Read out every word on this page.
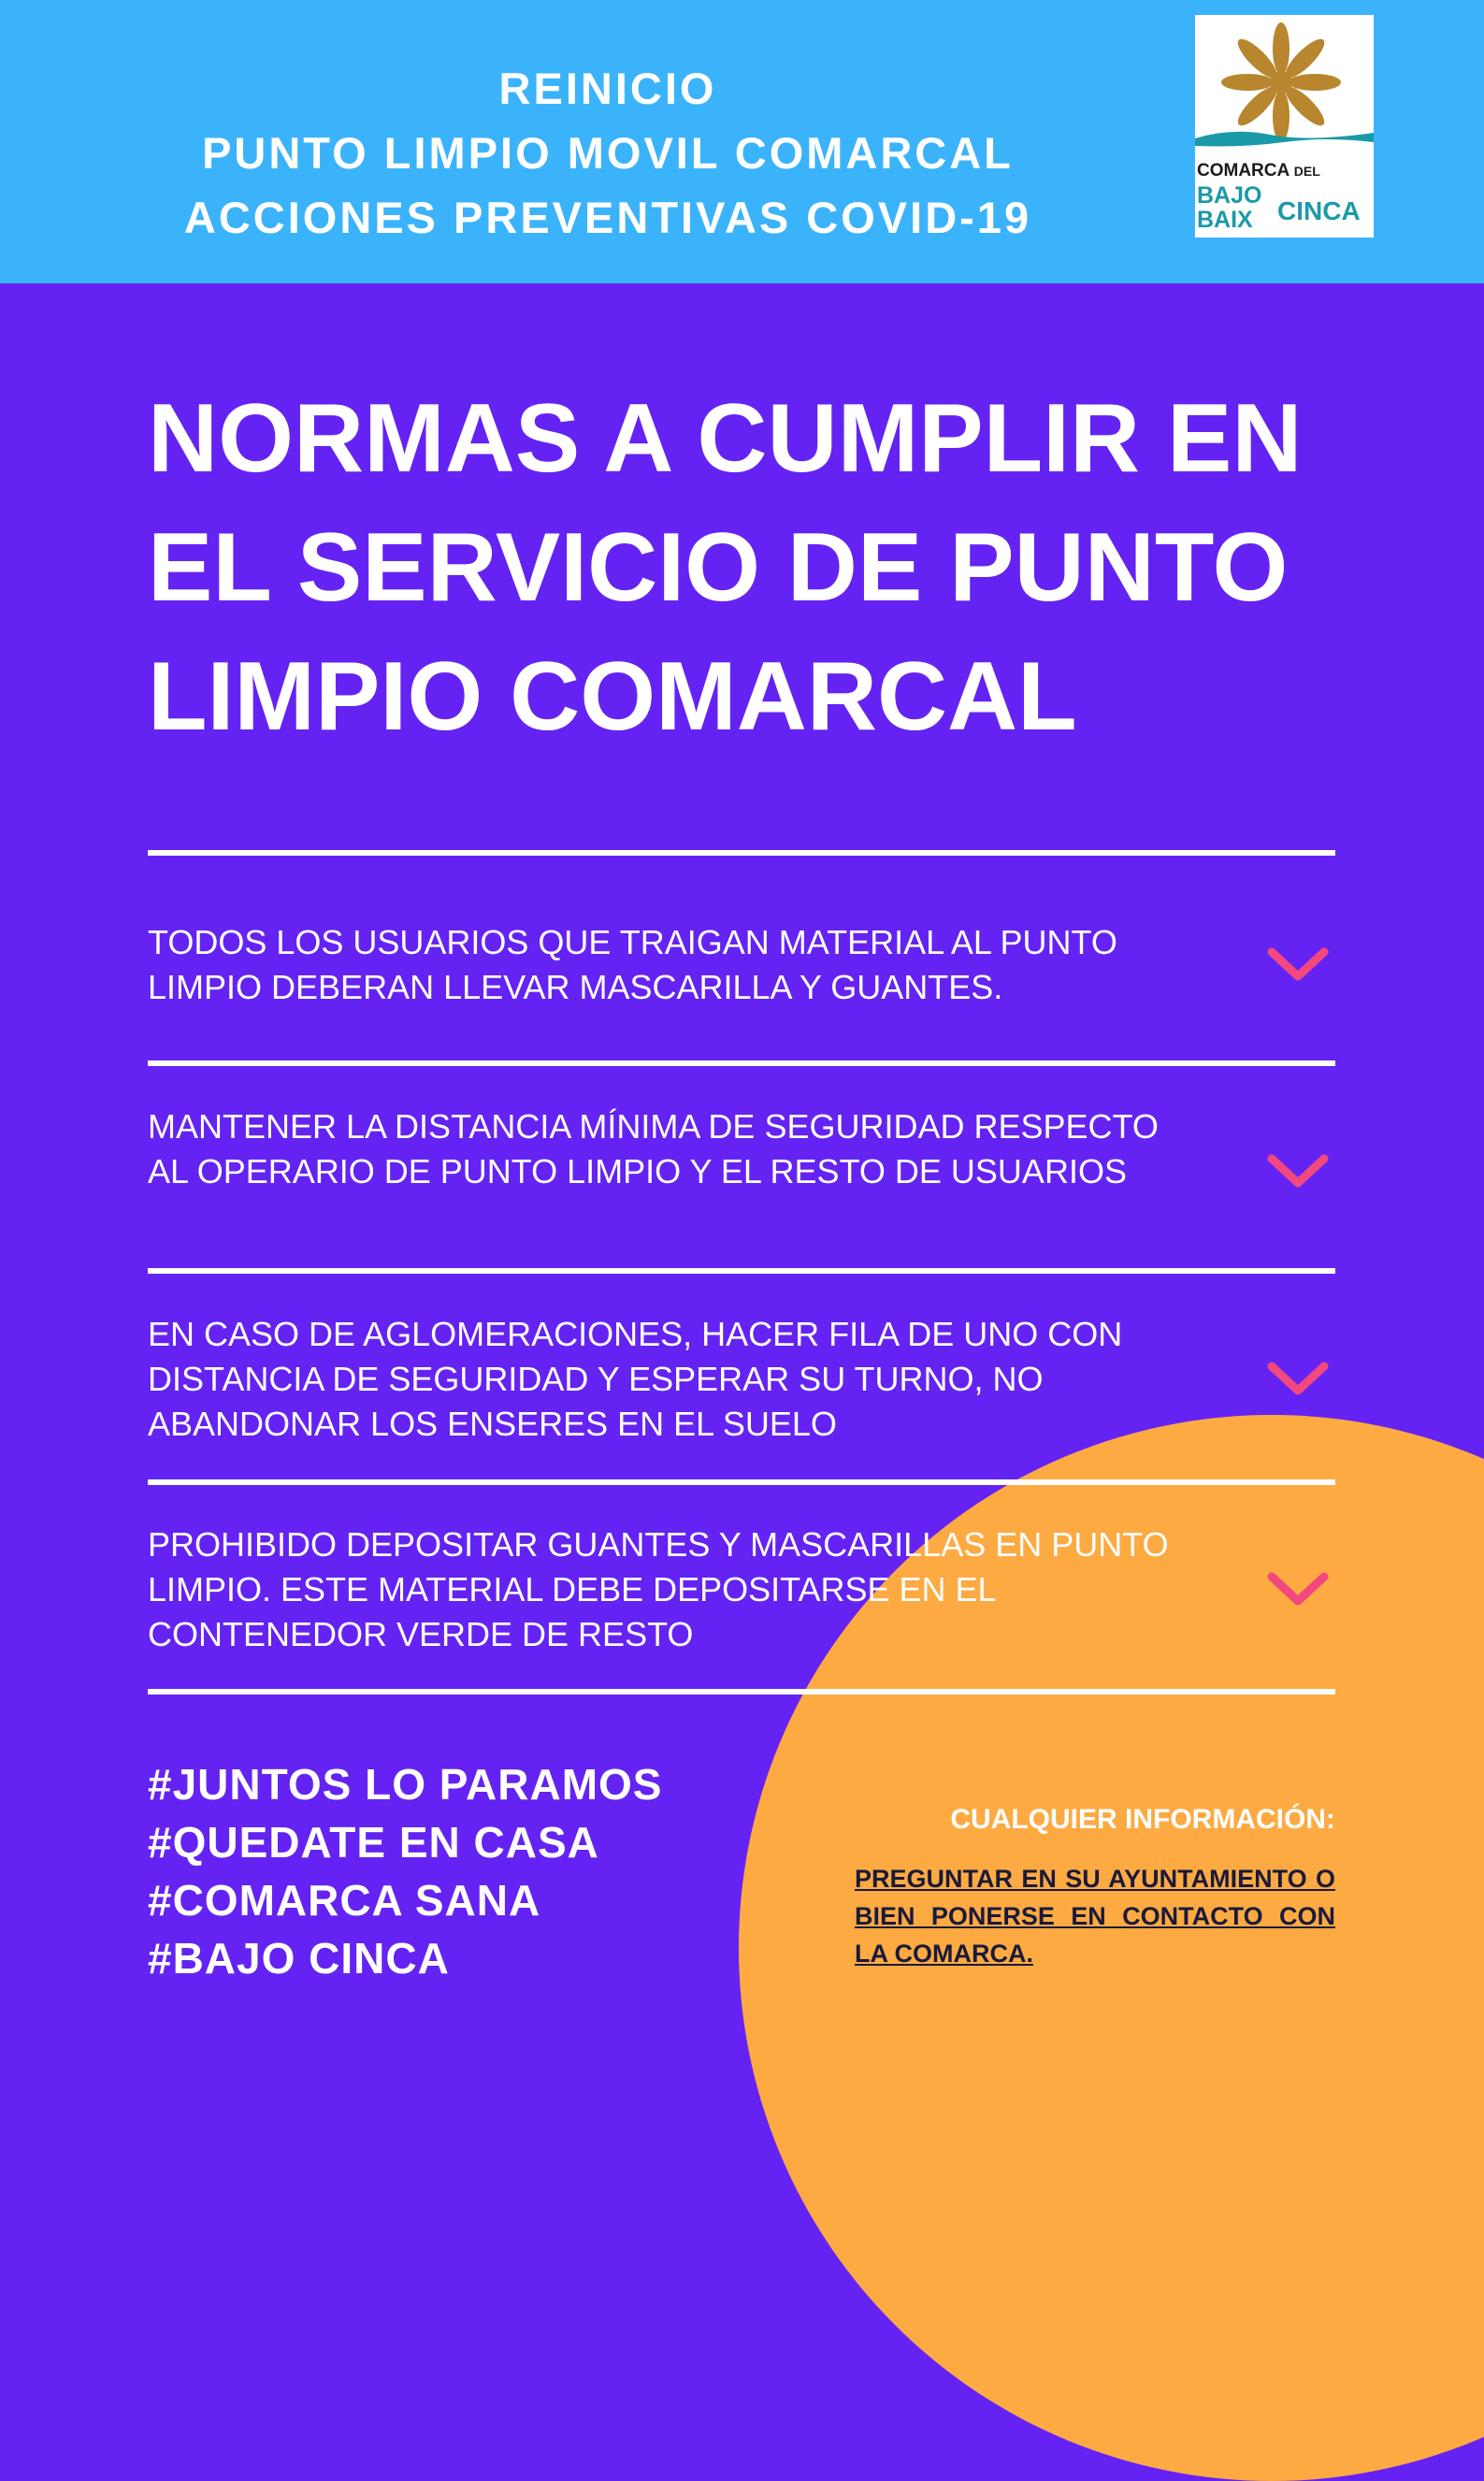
REINICIO
PUNTO LIMPIO MOVIL COMARCAL
ACCIONES PREVENTIVAS COVID-19
COMARCA DEL
BAJO
BAIX CINCA
NORMAS A CUMPLIR EN
EL SERVICIO DE PUNTO
LIMPIO COMARCAL
TODOS LOS USUARIOS QUE TRAIGAN MATERIAL AL PUNTO LIMPIO DEBERAN LLEVAR MASCARILLA Y GUANTES.
MANTENER LA DISTANCIA MÍNIMA DE SEGURIDAD RESPECTO AL OPERARIO DE PUNTO LIMPIO Y EL RESTO DE USUARIOS
EN CASO DE AGLOMERACIONES, HACER FILA DE UNO CON DISTANCIA DE SEGURIDAD Y ESPERAR SU TURNO, NO ABANDONAR LOS ENSERES EN EL SUELO
PROHIBIDO DEPOSITAR GUANTES Y MASCARILLAS EN PUNTO LIMPIO. ESTE MATERIAL DEBE DEPOSITARSE EN EL CONTENEDOR VERDE DE RESTO
#JUNTOS LO PARAMOS
#QUEDATE EN CASA
#COMARCA SANA
#BAJO CINCA
CUALQUIER INFORMACIÓN:
PREGUNTAR EN SU AYUNTAMIENTO O BIEN PONERSE EN CONTACTO CON LA COMARCA.
